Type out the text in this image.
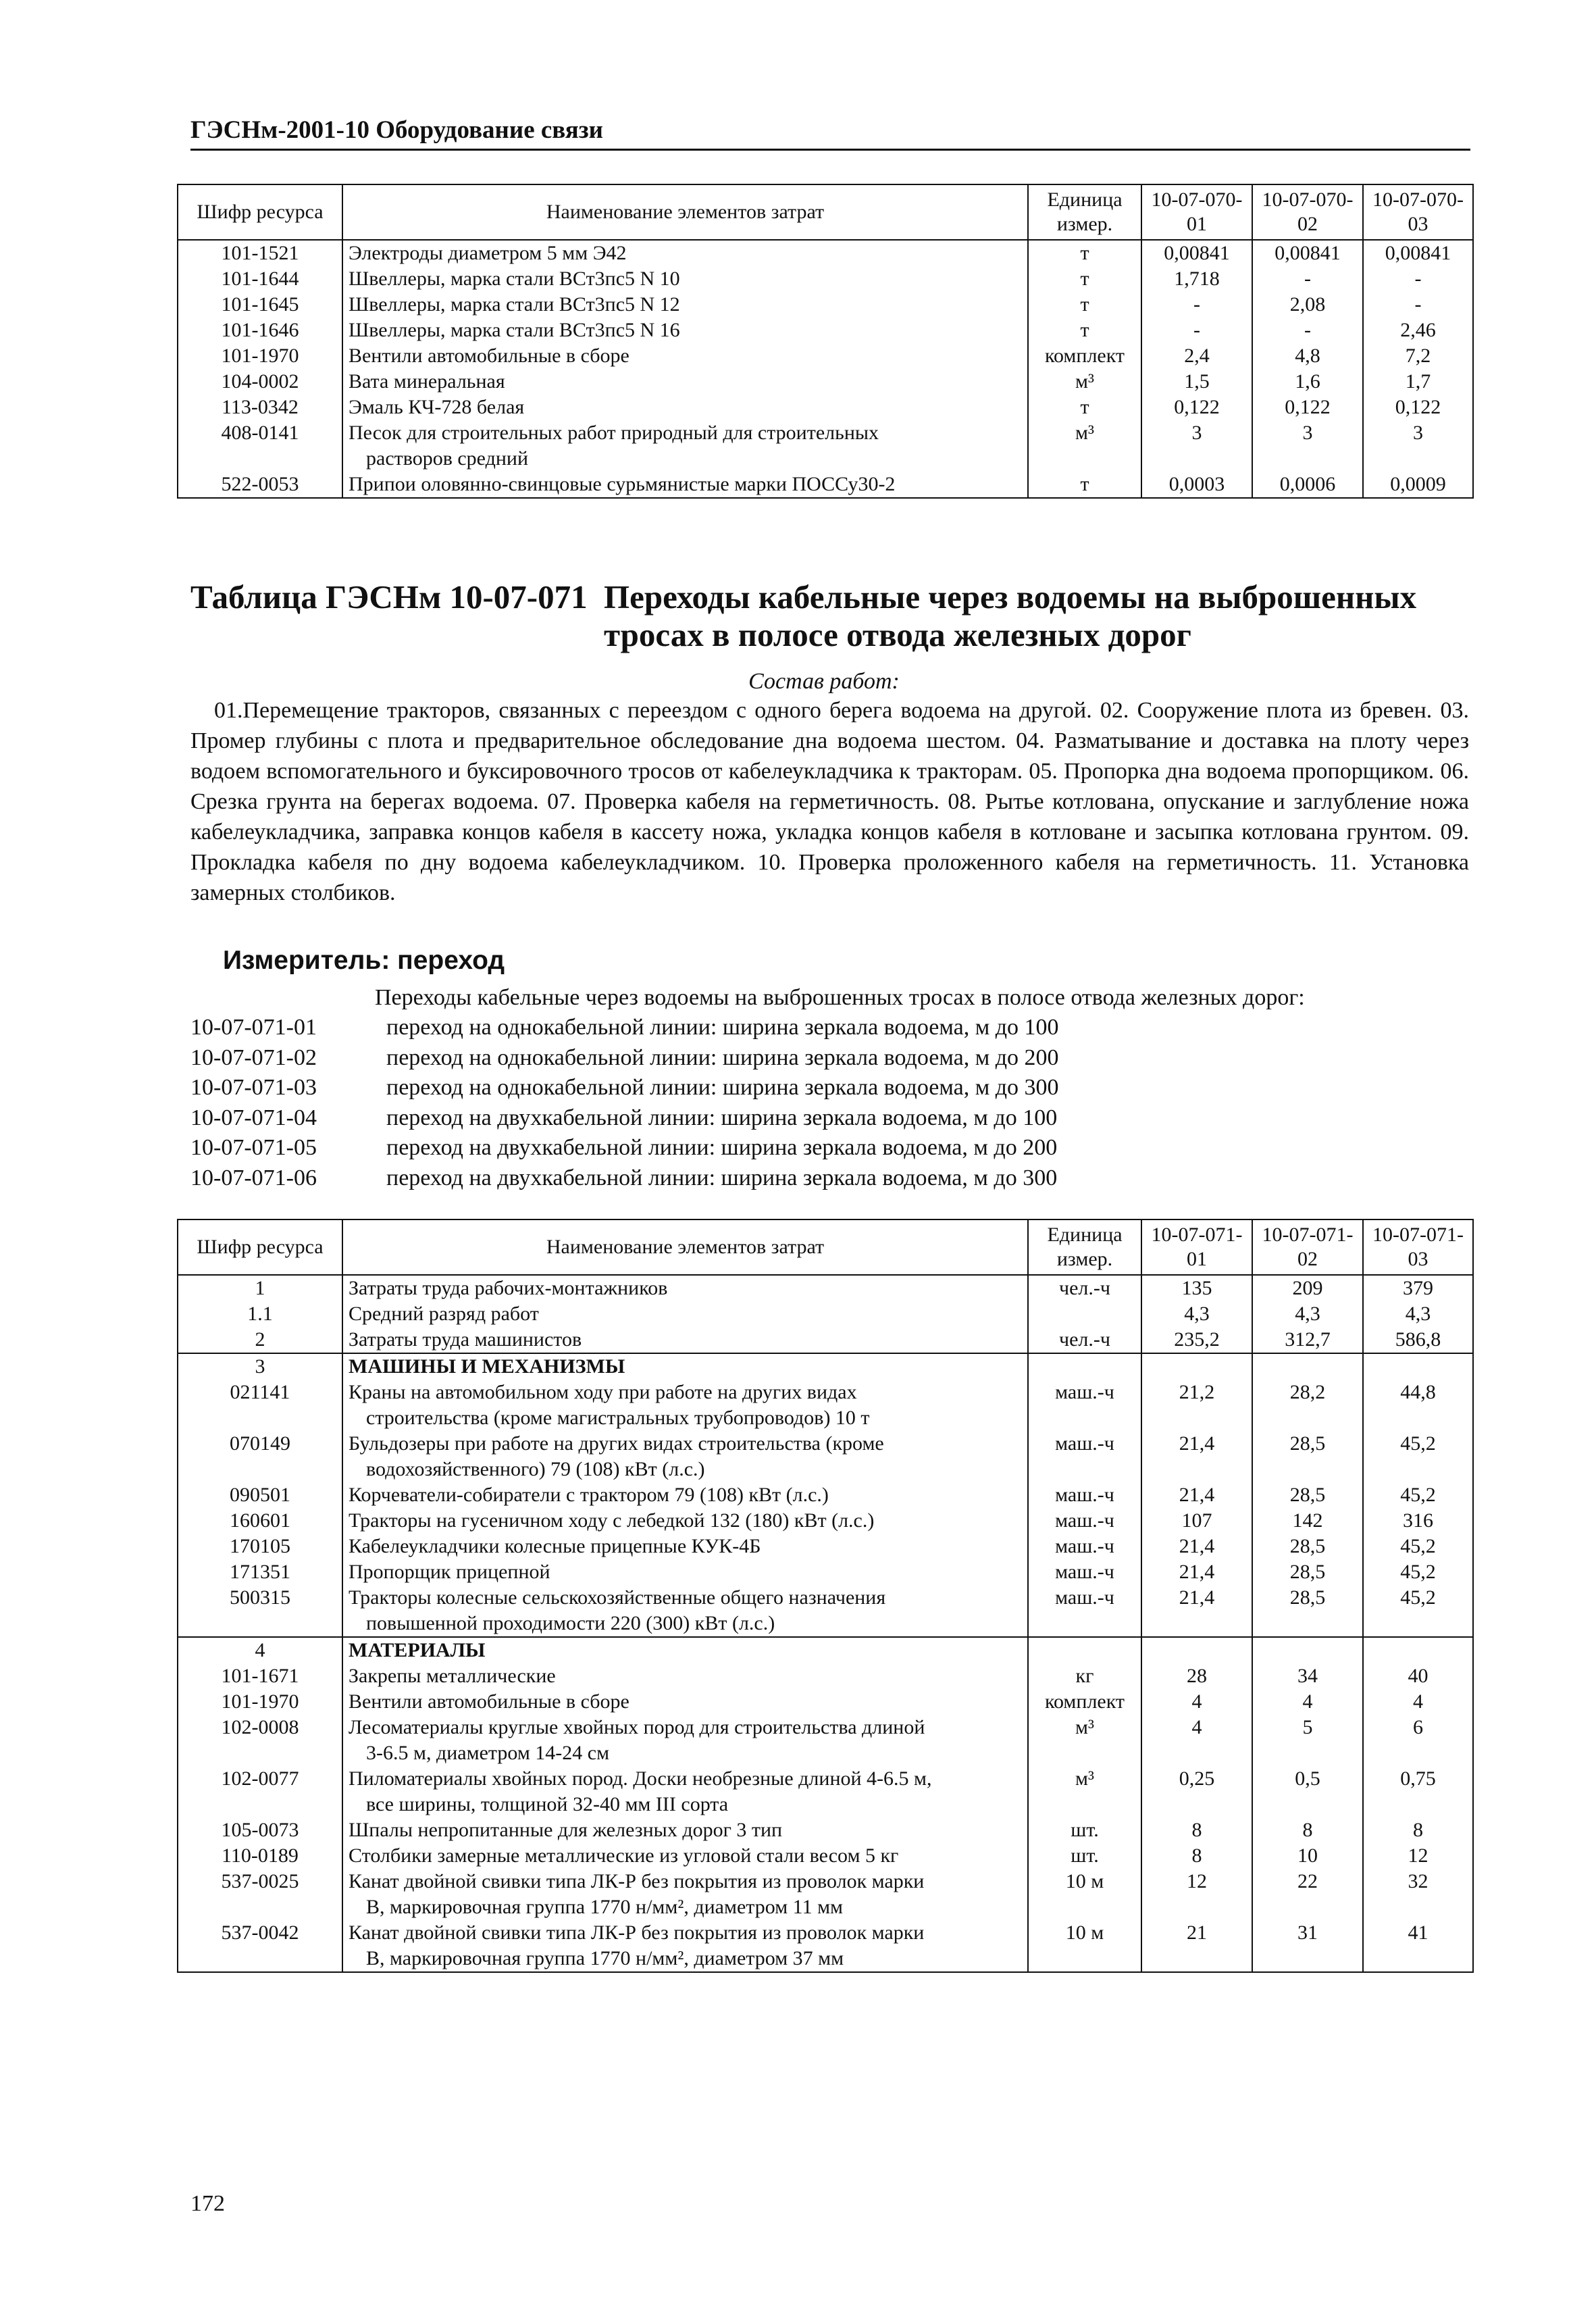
ГЭСНм-2001-10 Оборудование связи
Шифр ресурса	Наименование элементов затрат	Единица измер.	10-07-070-01	10-07-070-02	10-07-070-03
101-1521	Электроды диаметром 5 мм Э42	т	0,00841	0,00841	0,00841
101-1644	Швеллеры, марка стали ВСт3пс5 N 10	т	1,718	-	-
101-1645	Швеллеры, марка стали ВСт3пс5 N 12	т	-	2,08	-
101-1646	Швеллеры, марка стали ВСт3пс5 N 16	т	-	-	2,46
101-1970	Вентили автомобильные в сборе	комплект	2,4	4,8	7,2
104-0002	Вата минеральная	м³	1,5	1,6	1,7
113-0342	Эмаль КЧ-728 белая	т	0,122	0,122	0,122
408-0141	Песок для строительных работ природный для строительных
растворов средний	м³	3	3	3
522-0053	Припои оловянно-свинцовые сурьмянистые марки ПОССу30-2	т	0,0003	0,0006	0,0009
Таблица ГЭСНм 10-07-071 Переходы кабельные через водоемы на выброшенных
тросах в полосе отвода железных дорог
Состав работ:
01.Перемещение тракторов, связанных с переездом с одного берега водоема на другой. 02. Сооружение плота из бревен. 03. Промер глубины с плота и предварительное обследование дна водоема шестом. 04. Разматывание и доставка на плоту через водоем вспомогательного и буксировочного тросов от кабелеукладчика к тракторам. 05. Пропорка дна водоема пропорщиком. 06. Срезка грунта на берегах водоема. 07. Проверка кабеля на герметичность. 08. Рытье котлована, опускание и заглубление ножа кабелеукладчика, заправка концов кабеля в кассету ножа, укладка концов кабеля в котловане и засыпка котлована грунтом. 09. Прокладка кабеля по дну водоема кабелеукладчиком. 10. Проверка проложенного кабеля на герметичность. 11. Установка замерных столбиков.
Измеритель: переход
Переходы кабельные через водоемы на выброшенных тросах в полосе отвода железных дорог:
10-07-071-01	переход на однокабельной линии: ширина зеркала водоема, м до 100
10-07-071-02	переход на однокабельной линии: ширина зеркала водоема, м до 200
10-07-071-03	переход на однокабельной линии: ширина зеркала водоема, м до 300
10-07-071-04	переход на двухкабельной линии: ширина зеркала водоема, м до 100
10-07-071-05	переход на двухкабельной линии: ширина зеркала водоема, м до 200
10-07-071-06	переход на двухкабельной линии: ширина зеркала водоема, м до 300
Шифр ресурса	Наименование элементов затрат	Единица измер.	10-07-071-01	10-07-071-02	10-07-071-03
1	Затраты труда рабочих-монтажников	чел.-ч	135	209	379
1.1	Средний разряд работ		4,3	4,3	4,3
2	Затраты труда машинистов	чел.-ч	235,2	312,7	586,8
3	МАШИНЫ И МЕХАНИЗМЫ				
021141	Краны на автомобильном ходу при работе на других видах
строительства (кроме магистральных трубопроводов) 10 т	маш.-ч	21,2	28,2	44,8
070149	Бульдозеры при работе на других видах строительства (кроме
водохозяйственного) 79 (108) кВт (л.с.)	маш.-ч	21,4	28,5	45,2
090501	Корчеватели-собиратели с трактором 79 (108) кВт (л.с.)	маш.-ч	21,4	28,5	45,2
160601	Тракторы на гусеничном ходу с лебедкой 132 (180) кВт (л.с.)	маш.-ч	107	142	316
170105	Кабелеукладчики колесные прицепные КУК-4Б	маш.-ч	21,4	28,5	45,2
171351	Пропорщик прицепной	маш.-ч	21,4	28,5	45,2
500315	Тракторы колесные сельскохозяйственные общего назначения
повышенной проходимости 220 (300) кВт (л.с.)	маш.-ч	21,4	28,5	45,2
4	МАТЕРИАЛЫ				
101-1671	Закрепы металлические	кг	28	34	40
101-1970	Вентили автомобильные в сборе	комплект	4	4	4
102-0008	Лесоматериалы круглые хвойных пород для строительства длиной
3-6.5 м, диаметром 14-24 см	м³	4	5	6
102-0077	Пиломатериалы хвойных пород. Доски необрезные длиной 4-6.5 м,
все ширины, толщиной 32-40 мм III сорта	м³	0,25	0,5	0,75
105-0073	Шпалы непропитанные для железных дорог 3 тип	шт.	8	8	8
110-0189	Столбики замерные металлические из угловой стали весом 5 кг	шт.	8	10	12
537-0025	Канат двойной свивки типа ЛК-Р без покрытия из проволок марки
В, маркировочная группа 1770 н/мм², диаметром 11 мм	10 м	12	22	32
537-0042	Канат двойной свивки типа ЛК-Р без покрытия из проволок марки
В, маркировочная группа 1770 н/мм², диаметром 37 мм	10 м	21	31	41
172
